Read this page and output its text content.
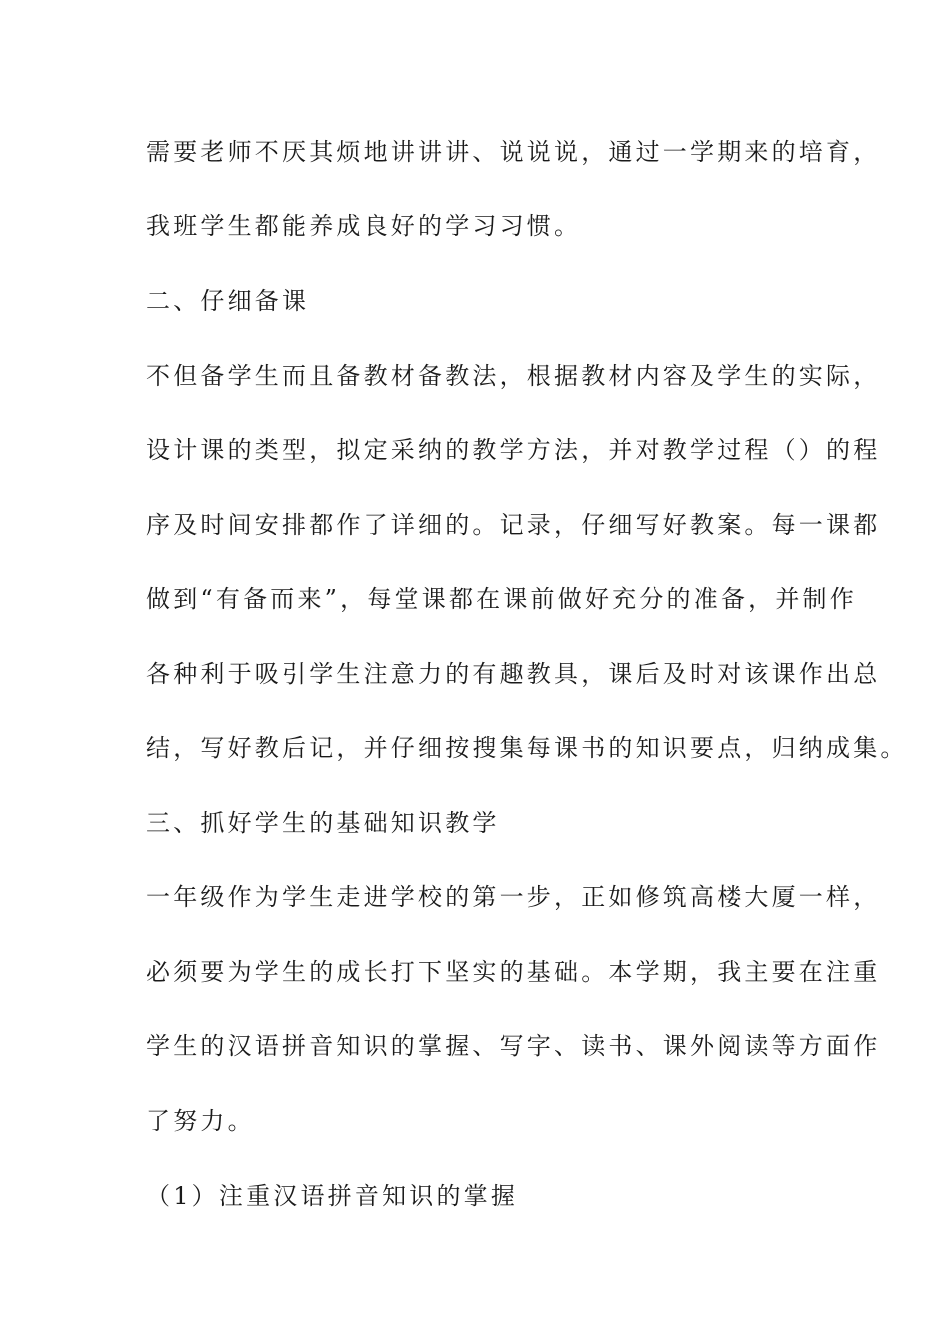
需要老师不厌其烦地讲讲讲、说说说，通过一学期来的培育，
我班学生都能养成良好的学习习惯。
二、仔细备课
不但备学生而且备教材备教法，根据教材内容及学生的实际，
设计课的类型，拟定采纳的教学方法，并对教学过程（）的程
序及时间安排都作了详细的。记录，仔细写好教案。每一课都
做到“有备而来”，每堂课都在课前做好充分的准备，并制作
各种利于吸引学生注意力的有趣教具，课后及时对该课作出总
结，写好教后记，并仔细按搜集每课书的知识要点，归纳成集。
三、抓好学生的基础知识教学
一年级作为学生走进学校的第一步，正如修筑高楼大厦一样，
必须要为学生的成长打下坚实的基础。本学期，我主要在注重
学生的汉语拼音知识的掌握、写字、读书、课外阅读等方面作
了努力。
（1）注重汉语拼音知识的掌握
